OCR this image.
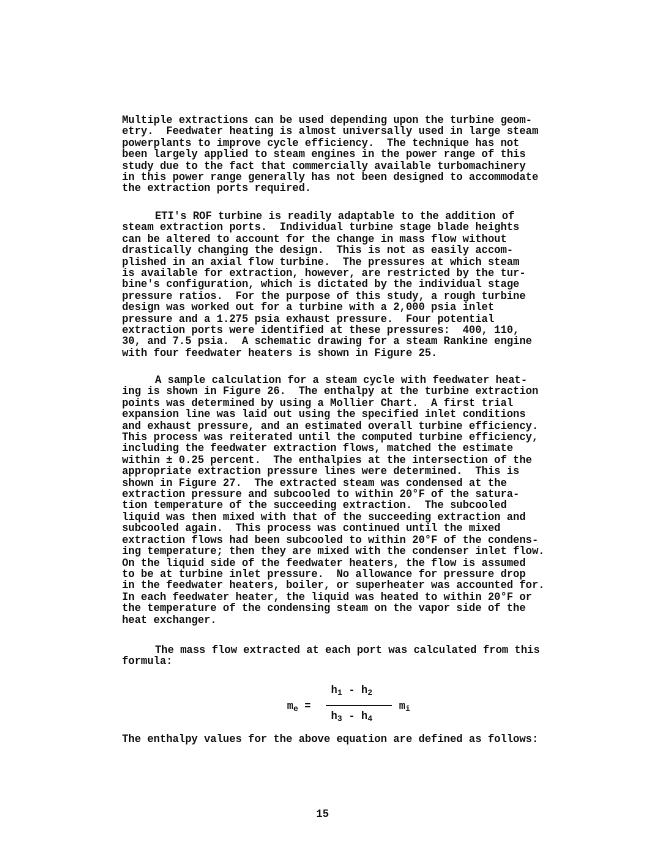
Multiple extractions can be used depending upon the turbine geom-
etry.  Feedwater heating is almost universally used in large steam
powerplants to improve cycle efficiency.  The technique has not
been largely applied to steam engines in the power range of this
study due to the fact that commercially available turbomachinery
in this power range generally has not been designed to accommodate
the extraction ports required.
ETI's ROF turbine is readily adaptable to the addition of
steam extraction ports.  Individual turbine stage blade heights
can be altered to account for the change in mass flow without
drastically changing the design.  This is not as easily accom-
plished in an axial flow turbine.  The pressures at which steam
is available for extraction, however, are restricted by the tur-
bine's configuration, which is dictated by the individual stage
pressure ratios.  For the purpose of this study, a rough turbine
design was worked out for a turbine with a 2,000 psia inlet
pressure and a 1.275 psia exhaust pressure.  Four potential
extraction ports were identified at these pressures:  400, 110,
30, and 7.5 psia.  A schematic drawing for a steam Rankine engine
with four feedwater heaters is shown in Figure 25.
A sample calculation for a steam cycle with feedwater heat-
ing is shown in Figure 26.  The enthalpy at the turbine extraction
points was determined by using a Mollier Chart.  A first trial
expansion line was laid out using the specified inlet conditions
and exhaust pressure, and an estimated overall turbine efficiency.
This process was reiterated until the computed turbine efficiency,
including the feedwater extraction flows, matched the estimate
within ± 0.25 percent.  The enthalpies at the intersection of the
appropriate extraction pressure lines were determined.  This is
shown in Figure 27.  The extracted steam was condensed at the
extraction pressure and subcooled to within 20°F of the satura-
tion temperature of the succeeding extraction.  The subcooled
liquid was then mixed with that of the succeeding extraction and
subcooled again.  This process was continued until the mixed
extraction flows had been subcooled to within 20°F of the condens-
ing temperature; then they are mixed with the condenser inlet flow.
On the liquid side of the feedwater heaters, the flow is assumed
to be at turbine inlet pressure.  No allowance for pressure drop
in the feedwater heaters, boiler, or superheater was accounted for.
In each feedwater heater, the liquid was heated to within 20°F or
the temperature of the condensing steam on the vapor side of the
heat exchanger.
The mass flow extracted at each port was calculated from this
formula:
$m_e$ =
$h_1 - h_2$
$h_3 - h_4$
$m_i$
The enthalpy values for the above equation are defined as follows:
15
